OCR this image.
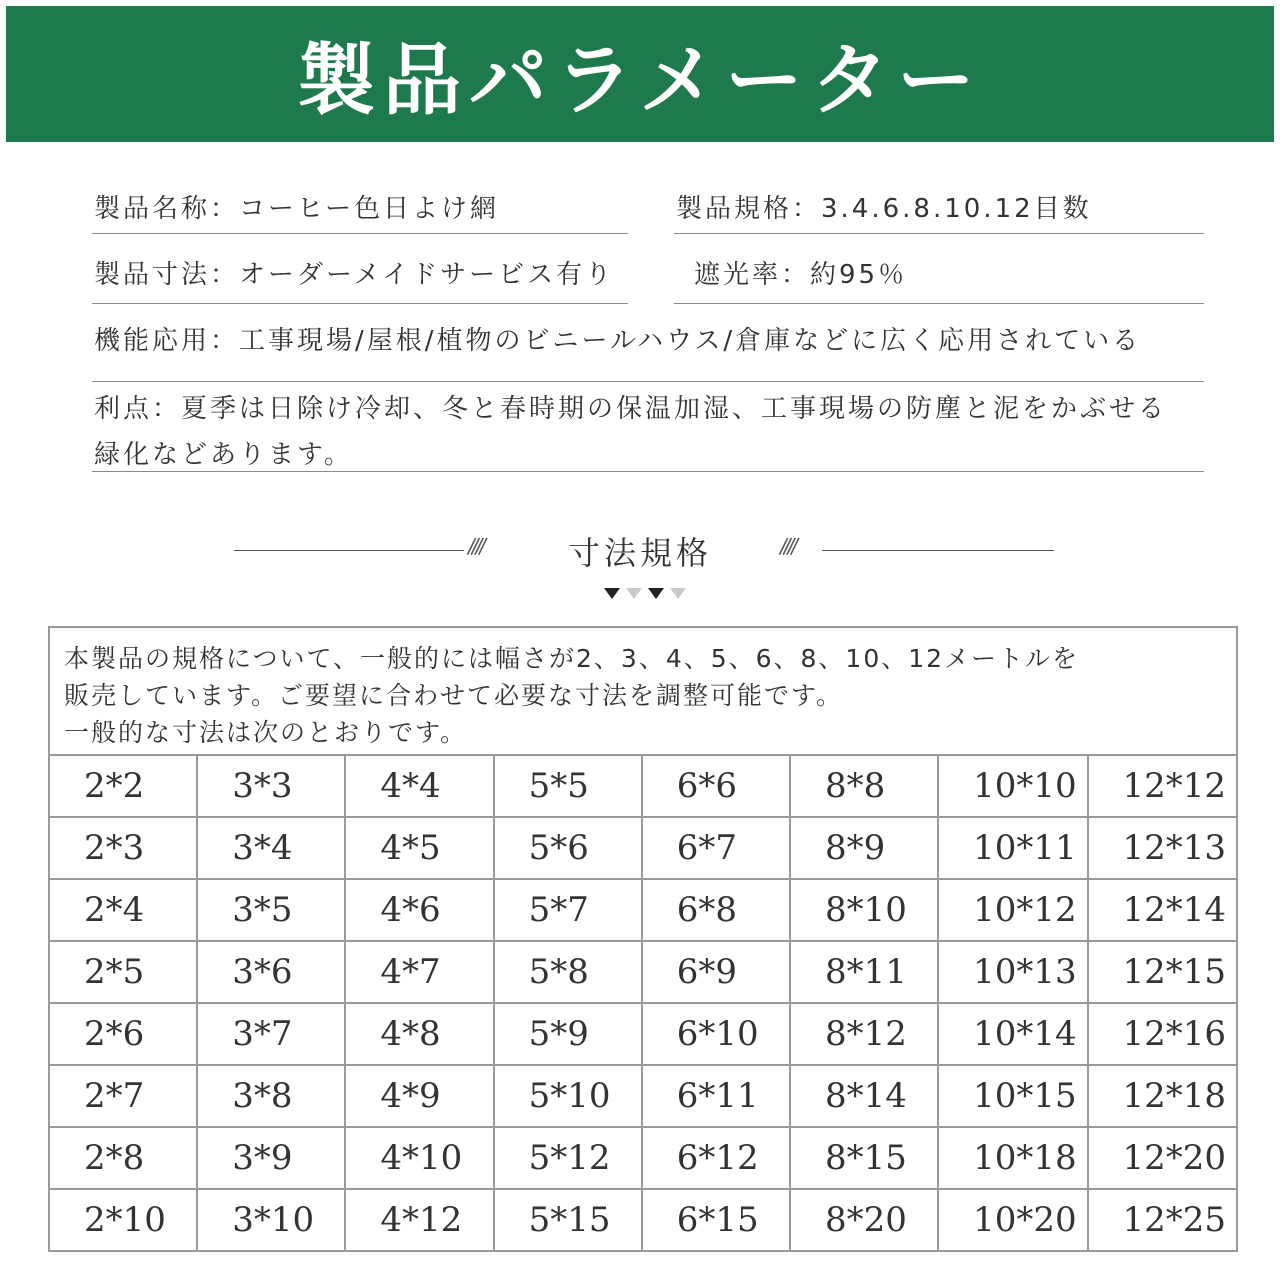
製品パラメーター
製品名称：コーヒー色日よけ網	製品規格：3.4.6.8.10.12目数
製品寸法：オーダーメイドサービス有り	遮光率：約95％
機能応用：工事現場/屋根/植物のビニールハウス/倉庫などに広く応用されている
利点：夏季は日除け冷却、冬と春時期の保温加湿、工事現場の防塵と泥をかぶせる
緑化などあります。
////	寸法規格	////
本製品の規格について、一般的には幅さが2、3、4、5、6、8、10、12メートルを
販売しています。ご要望に合わせて必要な寸法を調整可能です。
一般的な寸法は次のとおりです。
2*2	3*3	4*4	5*5	6*6	8*8	10*10	12*12
2*3	3*4	4*5	5*6	6*7	8*9	10*11	12*13
2*4	3*5	4*6	5*7	6*8	8*10	10*12	12*14
2*5	3*6	4*7	5*8	6*9	8*11	10*13	12*15
2*6	3*7	4*8	5*9	6*10	8*12	10*14	12*16
2*7	3*8	4*9	5*10	6*11	8*14	10*15	12*18
2*8	3*9	4*10	5*12	6*12	8*15	10*18	12*20
2*10	3*10	4*12	5*15	6*15	8*20	10*20	12*25
